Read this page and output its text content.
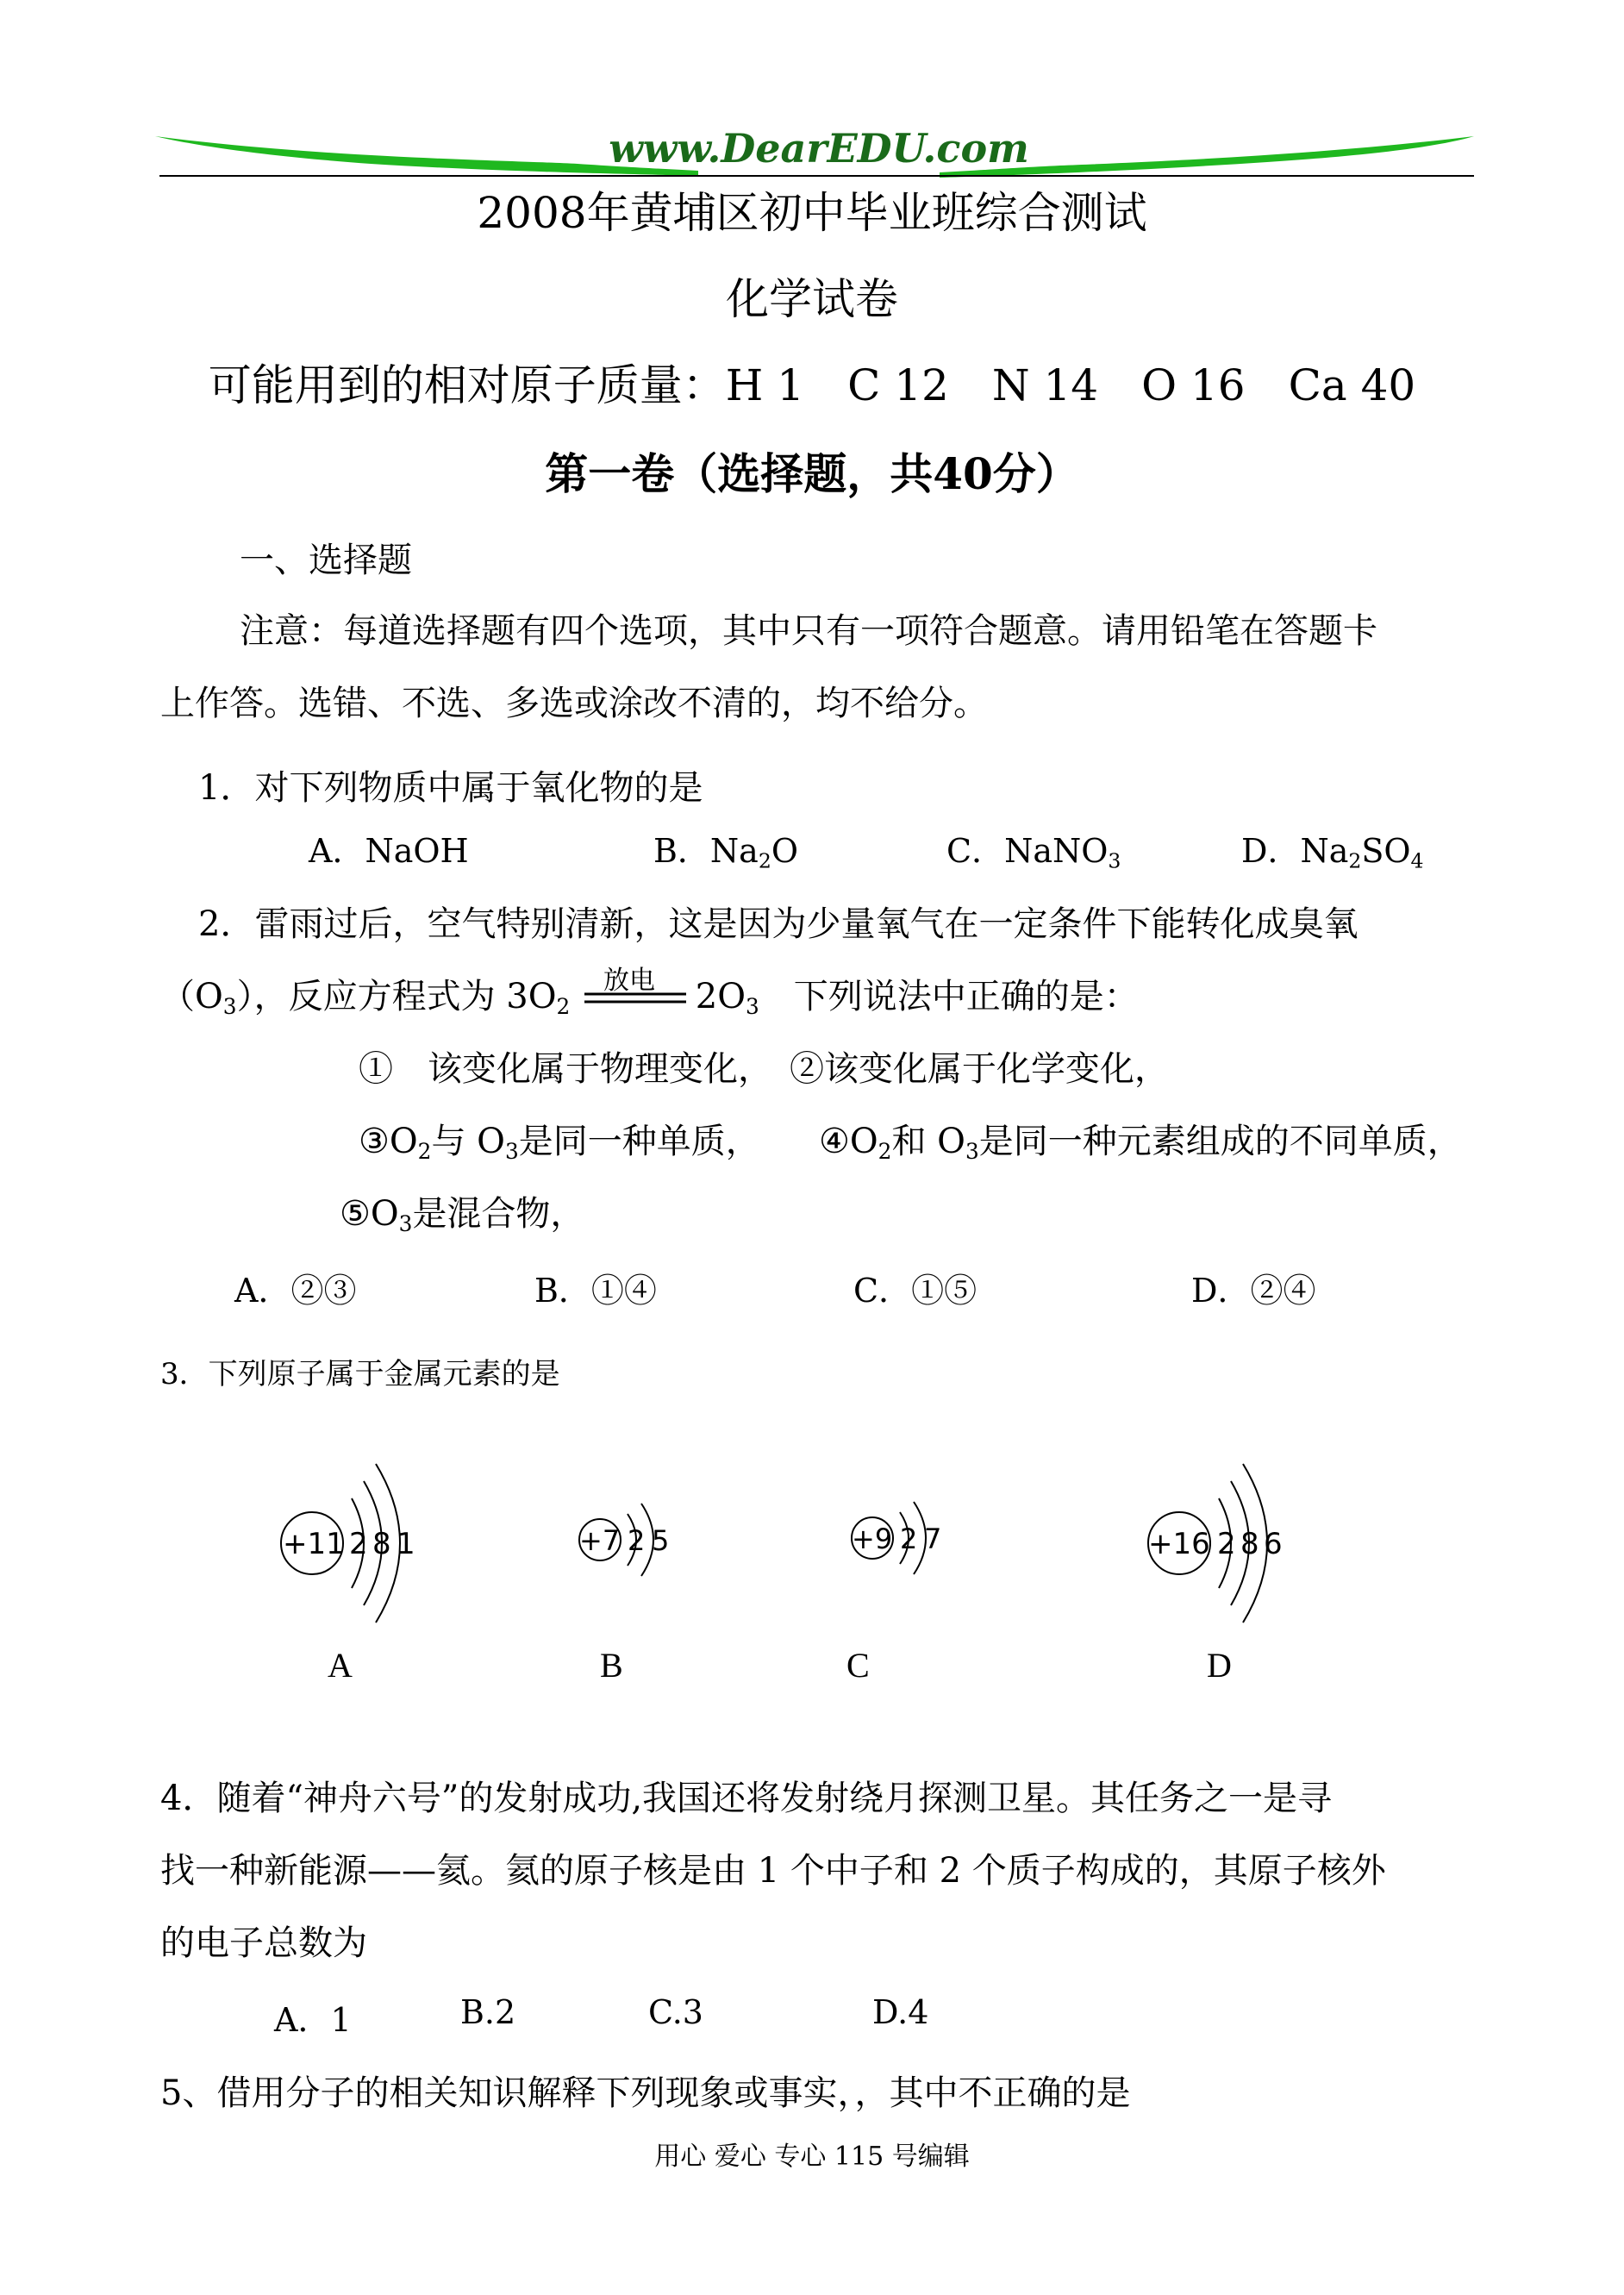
www.DearEDU.com
2008年黄埔区初中毕业班综合测试
化学试卷
可能用到的相对原子质量：H 1　C 12　N 14　O 16　Ca 40
第一卷（选择题，共40分）
一、选择题
注意：每道选择题有四个选项，其中只有一项符合题意。请用铅笔在答题卡
上作答。选错、不选、多选或涂改不清的，均不给分。
1．对下列物质中属于氧化物的是
A．NaOH	B．$Na_2O$	C．NaNO$_3$	D．$Na_2SO_4$
2．雷雨过后，空气特别清新，这是因为少量氧气在一定条件下能转化成臭氧
$(O_3)$，反应方程式为 $3O_2$	$2O_3$　下列说法中正确的是：
放电
①　该变化属于物理变化，　②该变化属于化学变化，
$③O_2$与 $O_3$是同一种单质， $④O_2$和 $O_3$是同一种元素组成的不同单质，
$⑤O_3$是混合物，
A．②③	B．①④	C．①⑤	D．②④
3．下列原子属于金属元素的是
+11 2 8 1
A
+7 2 5
B
+9 2 7
C
+16 2 8 6
D
4．随着“神舟六号”的发射成功,我国还将发射绕月探测卫星。其任务之一是寻
找一种新能源——氦。氦的原子核是由 1 个中子和 2 个质子构成的，其原子核外
的电子总数为
A．1	B.2	C.3	D.4
5、借用分子的相关知识解释下列现象或事实，，其中不正确的是
用心 爱心 专心 115 号编辑
